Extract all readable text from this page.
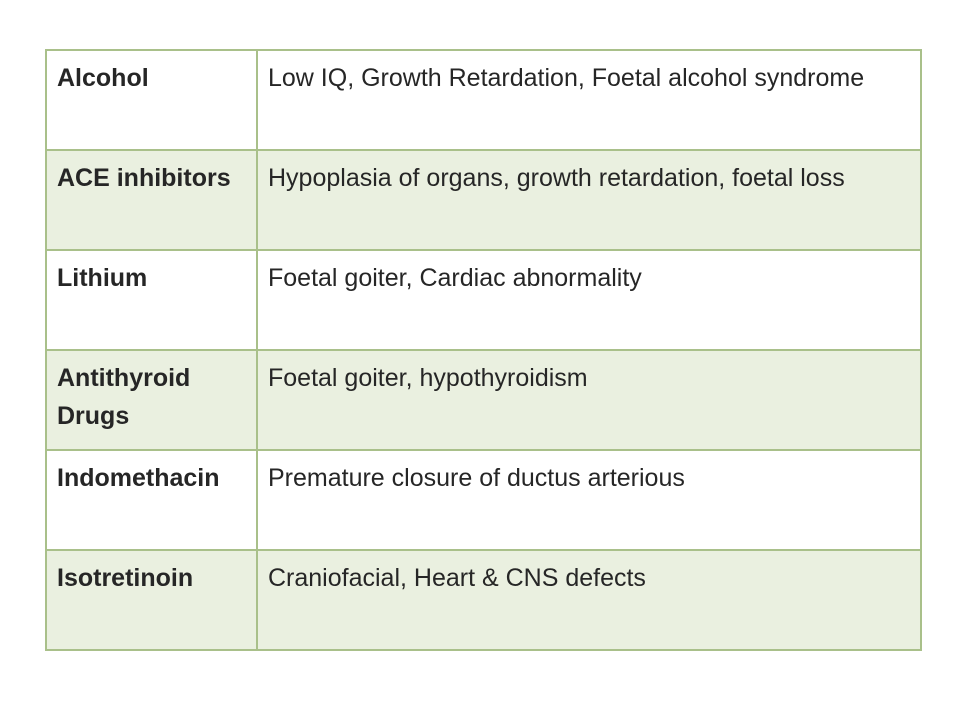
Alcohol	Low IQ, Growth Retardation, Foetal alcohol syndrome
ACE inhibitors	Hypoplasia of organs, growth retardation, foetal loss
Lithium	Foetal goiter, Cardiac abnormality
Antithyroid Drugs	Foetal goiter, hypothyroidism
Indomethacin	Premature closure of ductus arterious
Isotretinoin	Craniofacial, Heart & CNS defects
